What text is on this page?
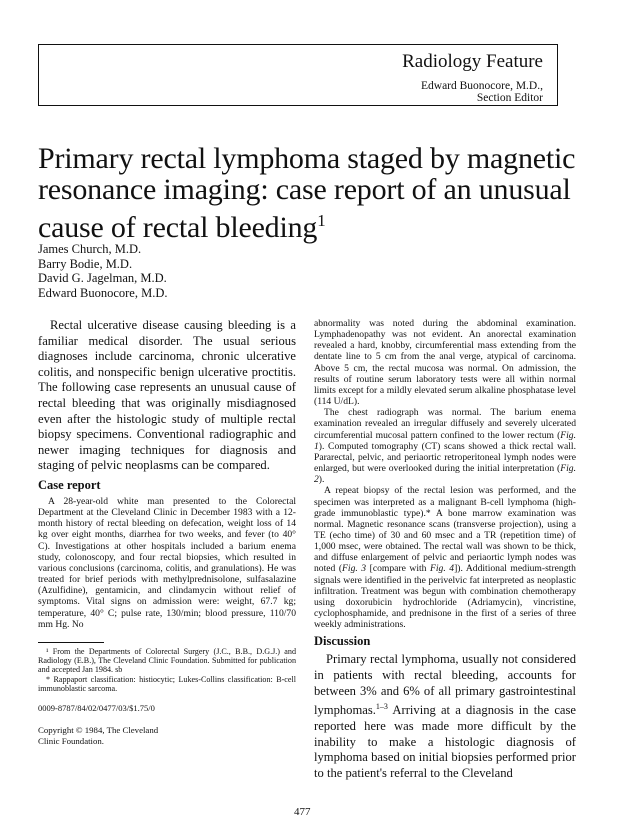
Radiology Feature
Edward Buonocore, M.D.,
Section Editor
Primary rectal lymphoma staged by magnetic resonance imaging: case report of an unusual cause of rectal bleeding$^1$
James Church, M.D.
Barry Bodie, M.D.
David G. Jagelman, M.D.
Edward Buonocore, M.D.

Rectal ulcerative disease causing bleeding is a familiar medical disorder. The usual serious diagnoses include carcinoma, chronic ulcerative colitis, and nonspecific benign ulcerative proctitis. The following case represents an unusual cause of rectal bleeding that was originally misdiagnosed even after the histologic study of multiple rectal biopsy specimens. Conventional radiographic and newer imaging techniques for diagnosis and staging of pelvic neoplasms can be compared.

Case report

A 28-year-old white man presented to the Colorectal Department at the Cleveland Clinic in December 1983 with a 12-month history of rectal bleeding on defecation, weight loss of 14 kg over eight months, diarrhea for two weeks, and fever (to 40° C). Investigations at other hospitals included a barium enema study, colonoscopy, and four rectal biopsies, which resulted in various conclusions (carcinoma, colitis, and granulations). He was treated for brief periods with methylprednisolone, sulfasalazine (Azulfidine), gentamicin, and clindamycin without relief of symptoms. Vital signs on admission were: weight, 67.7 kg; temperature, 40° C; pulse rate, 130/min; blood pressure, 110/70 mm Hg. No

¹ From the Departments of Colorectal Surgery (J.C., B.B., D.G.J.) and Radiology (E.B.), The Cleveland Clinic Foundation. Submitted for publication and accepted Jan 1984. sb

* Rappaport classification: histiocytic; Lukes-Collins classification: B-cell immunoblastic sarcoma.

0009-8787/84/02/0477/03/$1.75/0

Copyright © 1984, The Cleveland

Clinic Foundation.

abnormality was noted during the abdominal examination. Lymphadenopathy was not evident. An anorectal examination revealed a hard, knobby, circumferential mass extending from the dentate line to 5 cm from the anal verge, atypical of carcinoma. Above 5 cm, the rectal mucosa was normal. On admission, the results of routine serum laboratory tests were all within normal limits except for a mildly elevated serum alkaline phosphatase level (114 U/dL).

The chest radiograph was normal. The barium enema examination revealed an irregular diffusely and severely ulcerated circumferential mucosal pattern confined to the lower rectum (Fig. 1). Computed tomography (CT) scans showed a thick rectal wall. Pararectal, pelvic, and periaortic retroperitoneal lymph nodes were enlarged, but were overlooked during the initial interpretation (Fig. 2).

A repeat biopsy of the rectal lesion was performed, and the specimen was interpreted as a malignant B-cell lymphoma (high-grade immunoblastic type).* A bone marrow examination was normal. Magnetic resonance scans (transverse projection), using a TE (echo time) of 30 and 60 msec and a TR (repetition time) of 1,000 msec, were obtained. The rectal wall was shown to be thick, and diffuse enlargement of pelvic and periaortic lymph nodes was noted (Fig. 3 [compare with Fig. 4]). Additional medium-strength signals were identified in the perivelvic fat interpreted as neoplastic infiltration. Treatment was begun with combination chemotherapy using doxorubicin hydrochloride (Adriamycin), vincristine, cyclophosphamide, and prednisone in the first of a series of three weekly administrations.

Discussion

Primary rectal lymphoma, usually not considered in patients with rectal bleeding, accounts for between 3% and 6% of all primary gastrointestinal lymphomas.$^{1-3}$ Arriving at a diagnosis in the case reported here was made more difficult by the inability to make a histologic diagnosis of lymphoma based on initial biopsies performed prior to the patient's referral to the Cleveland

477
